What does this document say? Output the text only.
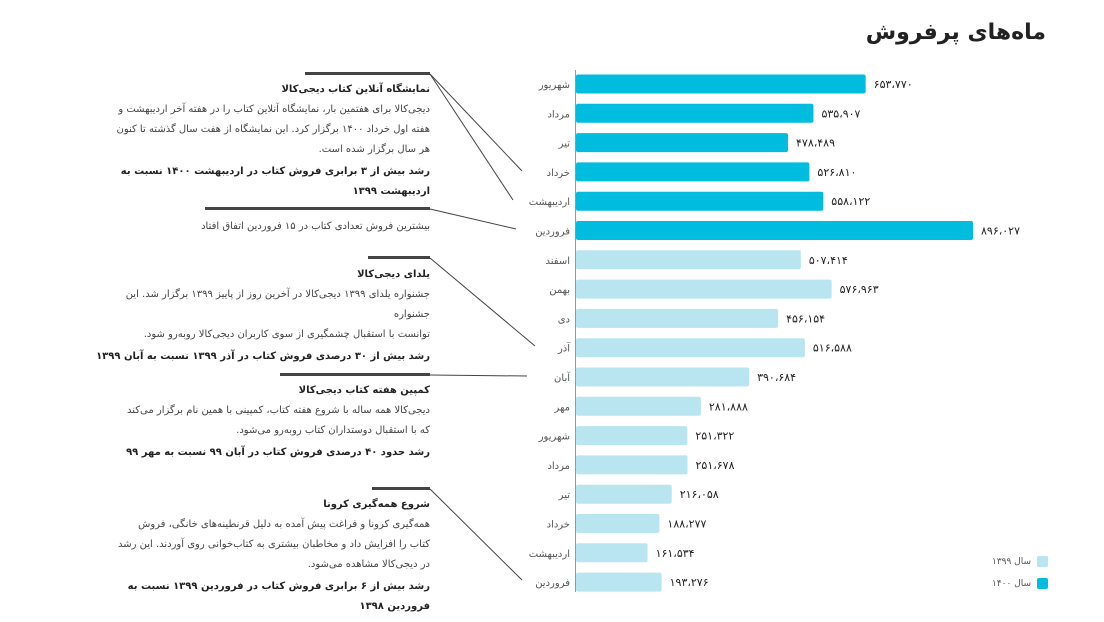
ماه‌های پرفروش
۶۵۳،۷۷۰
شهریور
۵۳۵،۹۰۷
مرداد
۴۷۸،۴۸۹
تیر
۵۲۶،۸۱۰
خرداد
۵۵۸،۱۲۲
اردیبهشت
۸۹۶،۰۲۷
فروردین
۵۰۷،۴۱۴
اسفند
۵۷۶،۹۶۳
بهمن
۴۵۶،۱۵۴
دی
۵۱۶،۵۸۸
آذر
۳۹۰،۶۸۴
آبان
۲۸۱،۸۸۸
مهر
۲۵۱،۳۲۲
شهریور
۲۵۱،۶۷۸
مرداد
۲۱۶،۰۵۸
تیر
۱۸۸،۲۷۷
خرداد
۱۶۱،۵۳۴
اردیبهشت
۱۹۳،۲۷۶
فروردین
نمایشگاه آنلاین کتاب دیجی‌کالا
دیجی‌کالا برای هفتمین بار، نمایشگاه آنلاین کتاب را در هفته آخر اردیبهشت و
هفته اول خرداد ۱۴۰۰ برگزار کرد. این نمایشگاه از هفت سال گذشته تا کنون
هر سال برگزار شده است.
رشد بیش از ۳ برابری فروش کتاب در اردیبهشت ۱۴۰۰ نسبت به اردیبهشت ۱۳۹۹
بیشترین فروش تعدادی کتاب در ۱۵ فروردین اتفاق افتاد
یلدای دیجی‌کالا
جشنواره یلدای ۱۳۹۹ دیجی‌کالا در آخرین روز از پاییز ۱۳۹۹ برگزار شد. این جشنواره
توانست با استقبال چشمگیری از سوی کاربران دیجی‌کالا روبه‌رو شود.
رشد بیش از ۳۰ درصدی فروش کتاب در آذر ۱۳۹۹ نسبت به آبان ۱۳۹۹
کمپین هفته کتاب دیجی‌کالا
دیجی‌کالا همه ساله با شروع هفته کتاب، کمپینی با همین نام برگزار می‌کند
که با استقبال دوستداران کتاب روبه‌رو می‌شود.
رشد حدود ۴۰ درصدی فروش کتاب در آبان ۹۹ نسبت به مهر ۹۹
شروع همه‌گیری کرونا
همه‌گیری کرونا و فراغت پیش آمده به دلیل قرنطینه‌های خانگی، فروش
کتاب را افزایش داد و مخاطبان بیشتری به کتاب‌خوانی روی آوردند. این رشد
در دیجی‌کالا مشاهده می‌شود.
رشد بیش از ۶ برابری فروش کتاب در فروردین ۱۳۹۹ نسبت به فروردین ۱۳۹۸
سال ۱۳۹۹
سال ۱۴۰۰
